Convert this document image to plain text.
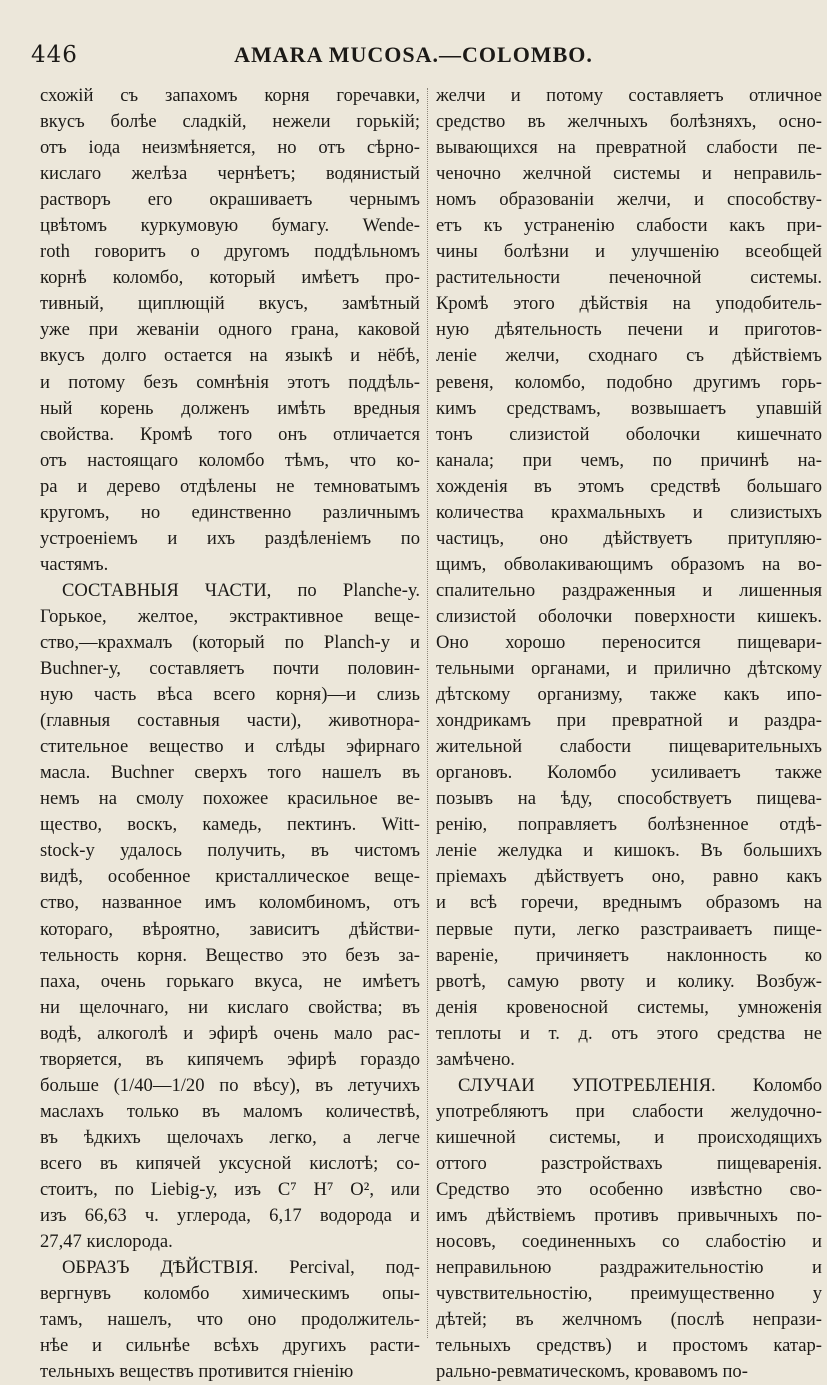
446	AMARA MUCOSA.—COLOMBO.
схожій съ запахомъ корня горечавки,
вкусъ болѣе сладкій, нежели горькій;
отъ іода неизмѣняется, но отъ сѣрно-
кислаго желѣза чернѣетъ; водянистый
растворъ его окрашиваетъ чернымъ
цвѣтомъ куркумовую бумагу. Wende-
roth говоритъ о другомъ поддѣльномъ
корнѣ коломбо, который имѣетъ про-
тивный, щиплющій вкусъ, замѣтный
уже при жеваніи одного грана, каковой
вкусъ долго остается на языкѣ и нёбѣ,
и потому безъ сомнѣнія этотъ поддѣль-
ный корень долженъ имѣть вредныя
свойства. Кромѣ того онъ отличается
отъ настоящаго коломбо тѣмъ, что ко-
ра и дерево отдѣлены не темноватымъ
кругомъ, но единственно различнымъ
устроеніемъ и ихъ раздѣленіемъ по
частямъ.
СОСТАВНЫЯ ЧАСТИ, по Planche-у.
Горькое, желтое, экстрактивное веще-
ство,—крахмалъ (который по Planch-у и
Buchner-у, составляетъ почти половин-
ную часть вѣса всего корня)—и слизь
(главныя составныя части), животнора-
стительное вещество и слѣды эфирнаго
масла. Buchner сверхъ того нашелъ въ
немъ на смолу похожее красильное ве-
щество, воскъ, камедь, пектинъ. Witt-
stock-у удалось получить, въ чистомъ
видѣ, особенное кристаллическое веще-
ство, названное имъ коломбиномъ, отъ
котораго, вѣроятно, зависитъ дѣйстви-
тельность корня. Вещество это безъ за-
паха, очень горькаго вкуса, не имѣетъ
ни щелочнаго, ни кислаго свойства; въ
водѣ, алкоголѣ и эфирѣ очень мало рас-
творяется, въ кипячемъ эфирѣ гораздо
больше (1/40—1/20 по вѣсу), въ летучихъ
маслахъ только въ маломъ количествѣ,
въ ѣдкихъ щелочахъ легко, а легче
всего въ кипячей уксусной кислотѣ; со-
стоитъ, по Liebig-у, изъ C⁷ H⁷ O², или
изъ 66,63 ч. углерода, 6,17 водорода и
27,47 кислорода.
ОБРАЗЪ ДѢЙСТВІЯ. Percival, под-
вергнувъ коломбо химическимъ опы-
тамъ, нашелъ, что оно продолжитель-
нѣе и сильнѣе всѣхъ другихъ расти-
тельныхъ веществъ противится гніенію
желчи и потому составляетъ отличное
средство въ желчныхъ болѣзняхъ, осно-
вывающихся на превратной слабости пе-
ченочно желчной системы и неправиль-
номъ образованіи желчи, и способству-
етъ къ устраненію слабости какъ при-
чины болѣзни и улучшенію всеобщей
растительности печеночной системы.
Кромѣ этого дѣйствія на уподобитель-
ную дѣятельность печени и приготов-
леніе желчи, сходнаго съ дѣйствіемъ
ревеня, коломбо, подобно другимъ горь-
кимъ средствамъ, возвышаетъ упавшій
тонъ слизистой оболочки кишечнато
канала; при чемъ, по причинѣ на-
хожденія въ этомъ средствѣ большаго
количества крахмальныхъ и слизистыхъ
частицъ, оно дѣйствуетъ притупляю-
щимъ, обволакивающимъ образомъ на во-
спалительно раздраженныя и лишенныя
слизистой оболочки поверхности кишекъ.
Оно хорошо переносится пищевари-
тельными органами, и прилично дѣтскому
дѣтскому организму, также какъ ипо-
хондрикамъ при превратной и раздра-
жительной слабости пищеварительныхъ
органовъ. Коломбо усиливаетъ также
позывъ на ѣду, способствуетъ пищева-
ренію, поправляетъ болѣзненное отдѣ-
леніе желудка и кишокъ. Въ большихъ
пріемахъ дѣйствуетъ оно, равно какъ
и всѣ горечи, вреднымъ образомъ на
первые пути, легко разстраиваетъ пище-
вареніе, причиняетъ наклонность ко
рвотѣ, самую рвоту и колику. Возбуж-
денія кровеносной системы, умноженія
теплоты и т. д. отъ этого средства не
замѣчено.
СЛУЧАИ УПОТРЕБЛЕНІЯ. Коломбо
употребляютъ при слабости желудочно-
кишечной системы, и происходящихъ
оттого разстройствахъ пищеваренія.
Средство это особенно извѣстно сво-
имъ дѣйствіемъ противъ привычныхъ по-
носовъ, соединенныхъ со слабостію и
неправильною раздражительностію и
чувствительностію, преимущественно у
дѣтей; въ желчномъ (послѣ непрази-
тельныхъ средствъ) и простомъ катар-
рально-ревматическомъ, кровавомъ по-
